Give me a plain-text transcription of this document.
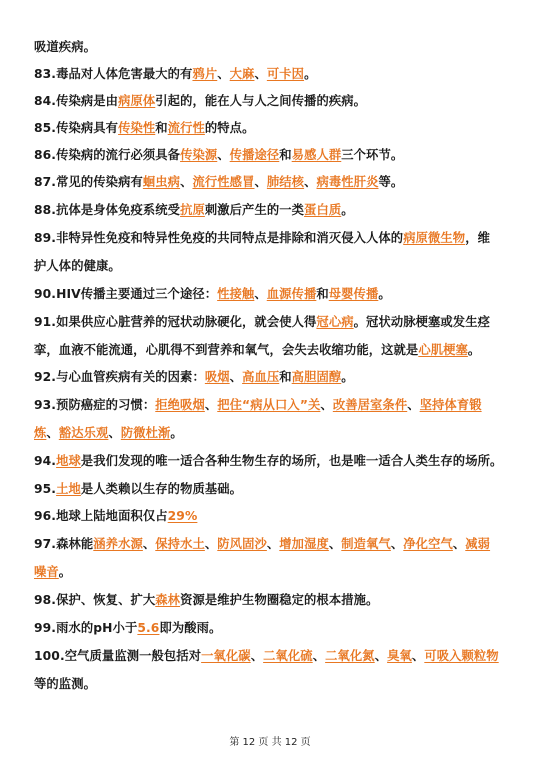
吸道疾病。
83.毒品对人体危害最大的有鸦片、大麻、可卡因。
84.传染病是由病原体引起的，能在人与人之间传播的疾病。
85.传染病具有传染性和流行性的特点。
86.传染病的流行必须具备传染源、传播途径和易感人群三个环节。
87.常见的传染病有蛔虫病、流行性感冒、肺结核、病毒性肝炎等。
88.抗体是身体免疫系统受抗原刺激后产生的一类蛋白质。
89.非特异性免疫和特异性免疫的共同特点是排除和消灭侵入人体的病原微生物，维
护人体的健康。
90.HIV传播主要通过三个途径：性接触、血源传播和母婴传播。
91.如果供应心脏营养的冠状动脉硬化，就会使人得冠心病。冠状动脉梗塞或发生痉
挛，血液不能流通，心肌得不到营养和氧气，会失去收缩功能，这就是心肌梗塞。
92.与心血管疾病有关的因素：吸烟、高血压和高胆固醇。
93.预防癌症的习惯：拒绝吸烟、把住“病从口入”关、改善居室条件、坚持体育锻
炼、豁达乐观、防微杜渐。
94.地球是我们发现的唯一适合各种生物生存的场所，也是唯一适合人类生存的场所。
95.土地是人类赖以生存的物质基础。
96.地球上陆地面积仅占29%
97.森林能涵养水源、保持水土、防风固沙、增加湿度、制造氧气、净化空气、减弱
噪音。
98.保护、恢复、扩大森林资源是维护生物圈稳定的根本措施。
99.雨水的pH小于5.6即为酸雨。
100.空气质量监测一般包括对一氧化碳、二氧化硫、二氧化氮、臭氧、可吸入颗粒物
等的监测。
第 12 页 共 12 页
